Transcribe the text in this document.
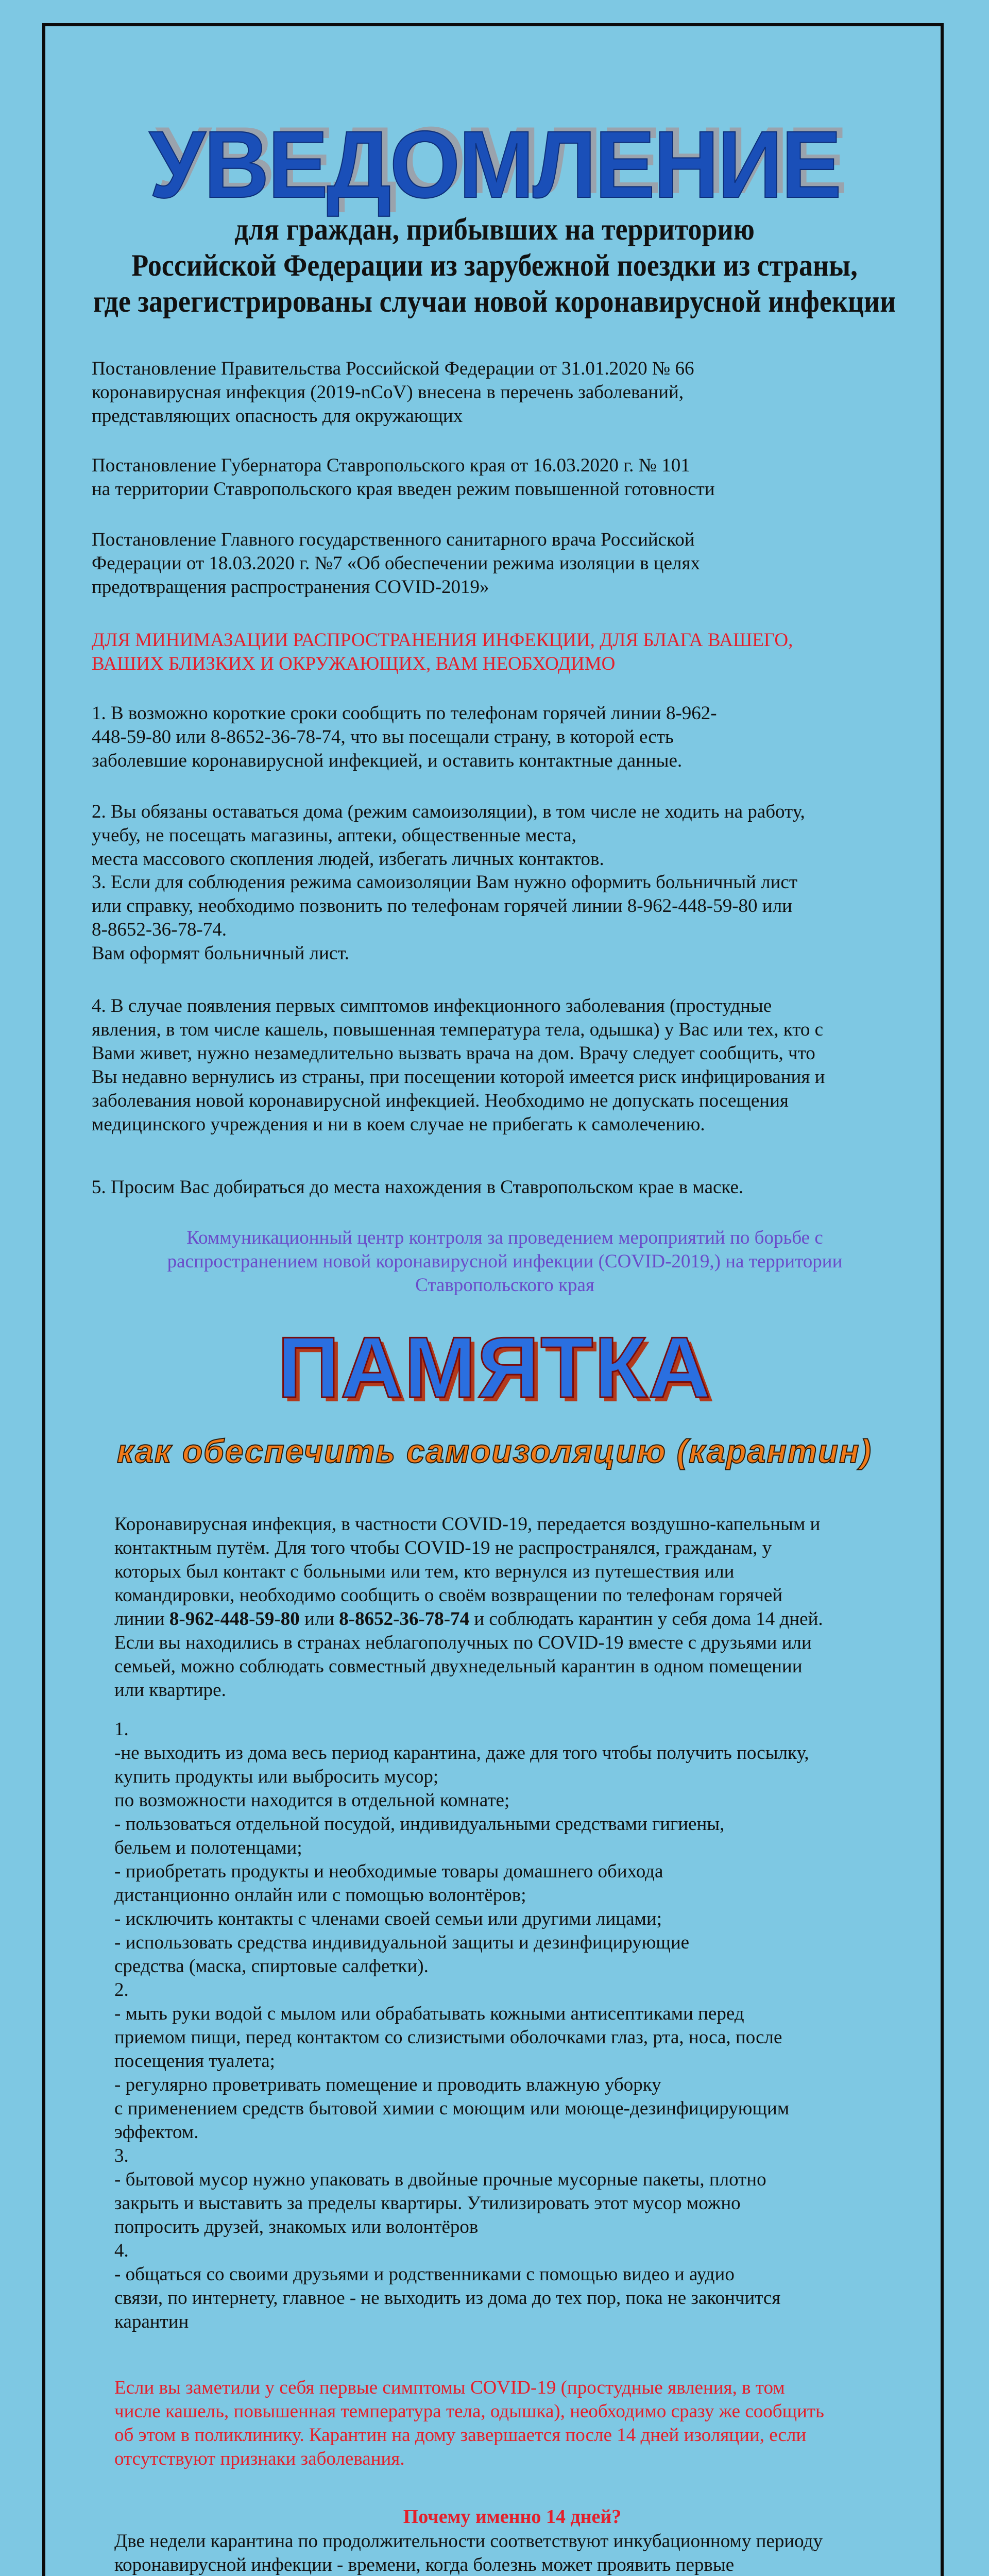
УВЕДОМЛЕНИЕ
для граждан, прибывших на территорию
Российской Федерации из зарубежной поездки из страны,
где зарегистрированы случаи новой коронавирусной инфекции

Постановление Правительства Российской Федерации от 31.01.2020 № 66

коронавирусная инфекция (2019-nCoV) внесена в перечень заболеваний,

представляющих опасность для окружающих

Постановление Губернатора Ставропольского края от 16.03.2020 г. № 101

на территории Ставропольского края введен режим повышенной готовности

Постановление Главного государственного санитарного врача Российской

Федерации от 18.03.2020 г. №7 «Об обеспечении режима изоляции в целях

предотвращения распространения COVID-2019»

ДЛЯ МИНИМАЗАЦИИ РАСПРОСТРАНЕНИЯ ИНФЕКЦИИ, ДЛЯ БЛАГА ВАШЕГО,

ВАШИХ БЛИЗКИХ И ОКРУЖАЮЩИХ, ВАМ НЕОБХОДИМО

1. В возможно короткие сроки сообщить по телефонам горячей линии 8-962-

448-59-80 или 8-8652-36-78-74, что вы посещали страну, в которой есть

заболевшие коронавирусной инфекцией, и оставить контактные данные.

2. Вы обязаны оставаться дома (режим самоизоляции), в том числе не ходить на работу,

учебу, не посещать магазины, аптеки, общественные места,

места массового скопления людей, избегать личных контактов.

3. Если для соблюдения режима самоизоляции Вам нужно оформить больничный лист

или справку, необходимо позвонить по телефонам горячей линии 8-962-448-59-80 или

8-8652-36-78-74.

Вам оформят больничный лист.

4. В случае появления первых симптомов инфекционного заболевания (простудные

явления, в том числе кашель, повышенная температура тела, одышка) у Вас или тех, кто с

Вами живет, нужно незамедлительно вызвать врача на дом. Врачу следует сообщить, что

Вы недавно вернулись из страны, при посещении которой имеется риск инфицирования и

заболевания новой коронавирусной инфекцией. Необходимо не допускать посещения

медицинского учреждения и ни в коем случае не прибегать к самолечению.

5. Просим Вас добираться до места нахождения в Ставропольском крае в маске.

Коммуникационный центр контроля за проведением мероприятий по борьбе с

распространением новой коронавирусной инфекции (COVID-2019,) на территории

Ставропольского края

ПАМЯТКА
как обеспечить самоизоляцию (карантин)

Коронавирусная инфекция, в частности COVID-19, передается воздушно-капельным и

контактным путём. Для того чтобы COVID-19 не распространялся, гражданам, у

которых был контакт с больными или тем, кто вернулся из путешествия или

командировки, необходимо сообщить о своём возвращении по телефонам горячей

линии 8-962-448-59-80 или 8-8652-36-78-74 и соблюдать карантин у себя дома 14 дней.

Если вы находились в странах неблагополучных по COVID-19 вместе с друзьями или

семьей, можно соблюдать совместный двухнедельный карантин в одном помещении

или квартире.

1.

-не выходить из дома весь период карантина, даже для того чтобы получить посылку,

купить продукты или выбросить мусор;

по возможности находится в отдельной комнате;

- пользоваться отдельной посудой, индивидуальными средствами гигиены,

бельем и полотенцами;

- приобретать продукты и необходимые товары домашнего обихода

дистанционно онлайн или с помощью волонтёров;

- исключить контакты с членами своей семьи или другими лицами;

- использовать средства индивидуальной защиты и дезинфицирующие

средства (маска, спиртовые салфетки).

2.

- мыть руки водой с мылом или обрабатывать кожными антисептиками перед

приемом пищи, перед контактом со слизистыми оболочками глаз, рта, носа, после

посещения туалета;

- регулярно проветривать помещение и проводить влажную уборку

с применением средств бытовой химии с моющим или моюще-дезинфицирующим

эффектом.

3.

- бытовой мусор нужно упаковать в двойные прочные мусорные пакеты, плотно

закрыть и выставить за пределы квартиры. Утилизировать этот мусор можно

попросить друзей, знакомых или волонтёров

4.

- общаться со своими друзьями и родственниками с помощью видео и аудио

связи, по интернету, главное - не выходить из дома до тех пор, пока не закончится

карантин

Если вы заметили у себя первые симптомы COVID-19 (простудные явления, в том

числе кашель, повышенная температура тела, одышка), необходимо сразу же сообщить

об этом в поликлинику. Карантин на дому завершается после 14 дней изоляции, если

отсутствуют признаки заболевания.

Почему именно 14 дней?

Две недели карантина по продолжительности соответствуют инкубационному периоду

коронавирусной инфекции - времени, когда болезнь может проявить первые
